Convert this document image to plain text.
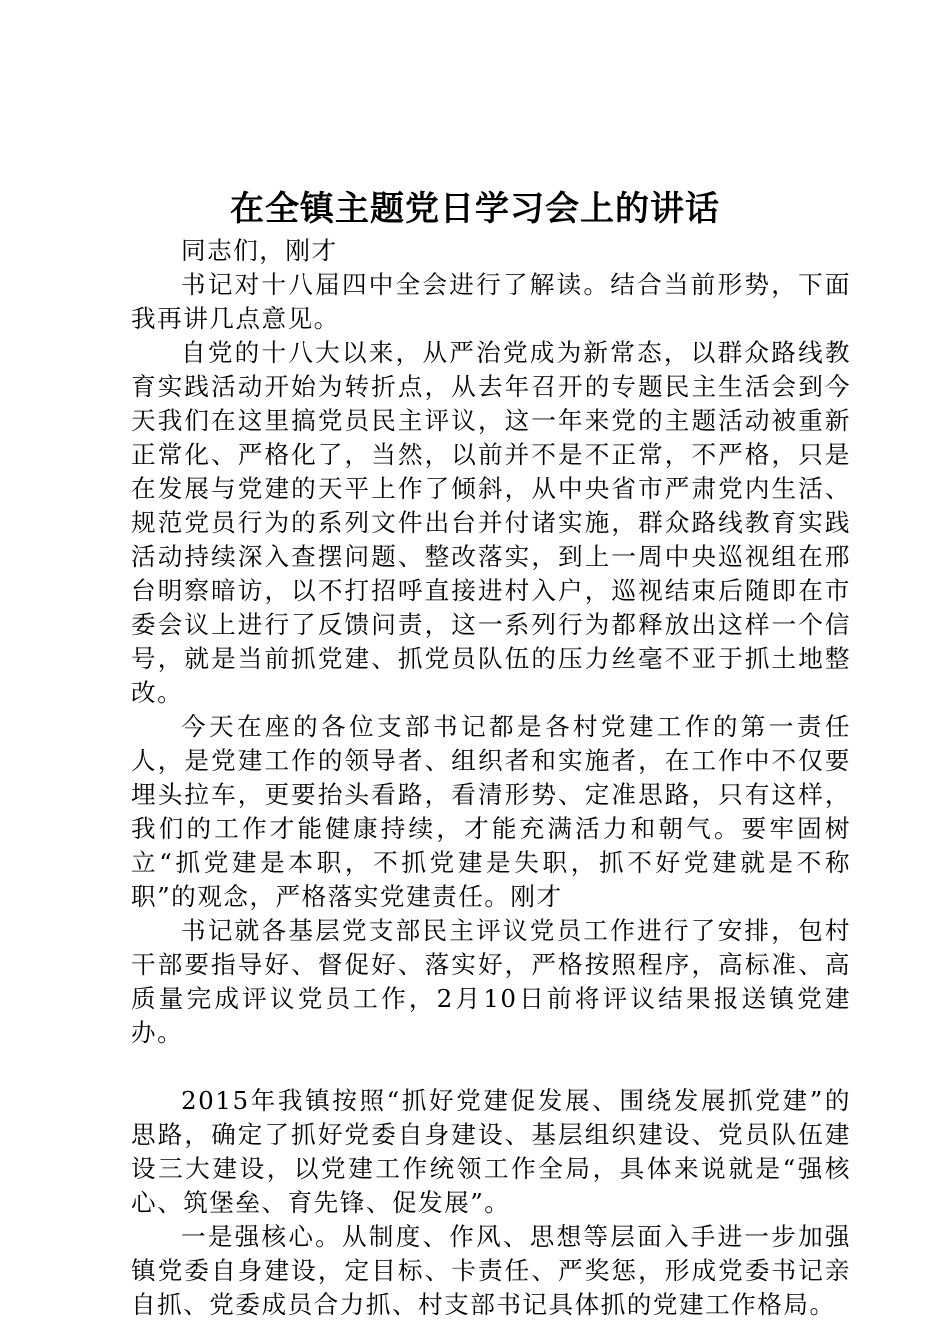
在全镇主题党日学习会上的讲话

同志们，刚才

书记对十八届四中全会进行了解读。结合当前形势，下面我再讲几点意见。

自党的十八大以来，从严治党成为新常态，以群众路线教育实践活动开始为转折点，从去年召开的专题民主生活会到今天我们在这里搞党员民主评议，这一年来党的主题活动被重新正常化、严格化了，当然，以前并不是不正常，不严格，只是在发展与党建的天平上作了倾斜，从中央省市严肃党内生活、规范党员行为的系列文件出台并付诸实施，群众路线教育实践活动持续深入查摆问题、整改落实，到上一周中央巡视组在邢台明察暗访，以不打招呼直接进村入户，巡视结束后随即在市委会议上进行了反馈问责，这一系列行为都释放出这样一个信号，就是当前抓党建、抓党员队伍的压力丝毫不亚于抓土地整改。

今天在座的各位支部书记都是各村党建工作的第一责任人，是党建工作的领导者、组织者和实施者，在工作中不仅要埋头拉车，更要抬头看路，看清形势、定准思路，只有这样，我们的工作才能健康持续，才能充满活力和朝气。要牢固树立“抓党建是本职，不抓党建是失职，抓不好党建就是不称职”的观念，严格落实党建责任。刚才

书记就各基层党支部民主评议党员工作进行了安排，包村干部要指导好、督促好、落实好，严格按照程序，高标准、高质量完成评议党员工作，2月10日前将评议结果报送镇党建办。

2015年我镇按照“抓好党建促发展、围绕发展抓党建”的思路，确定了抓好党委自身建设、基层组织建设、党员队伍建设三大建设，以党建工作统领工作全局，具体来说就是“强核心、筑堡垒、育先锋、促发展”。

一是强核心。从制度、作风、思想等层面入手进一步加强镇党委自身建设，定目标、卡责任、严奖惩，形成党委书记亲自抓、党委成员合力抓、村支部书记具体抓的党建工作格局。
